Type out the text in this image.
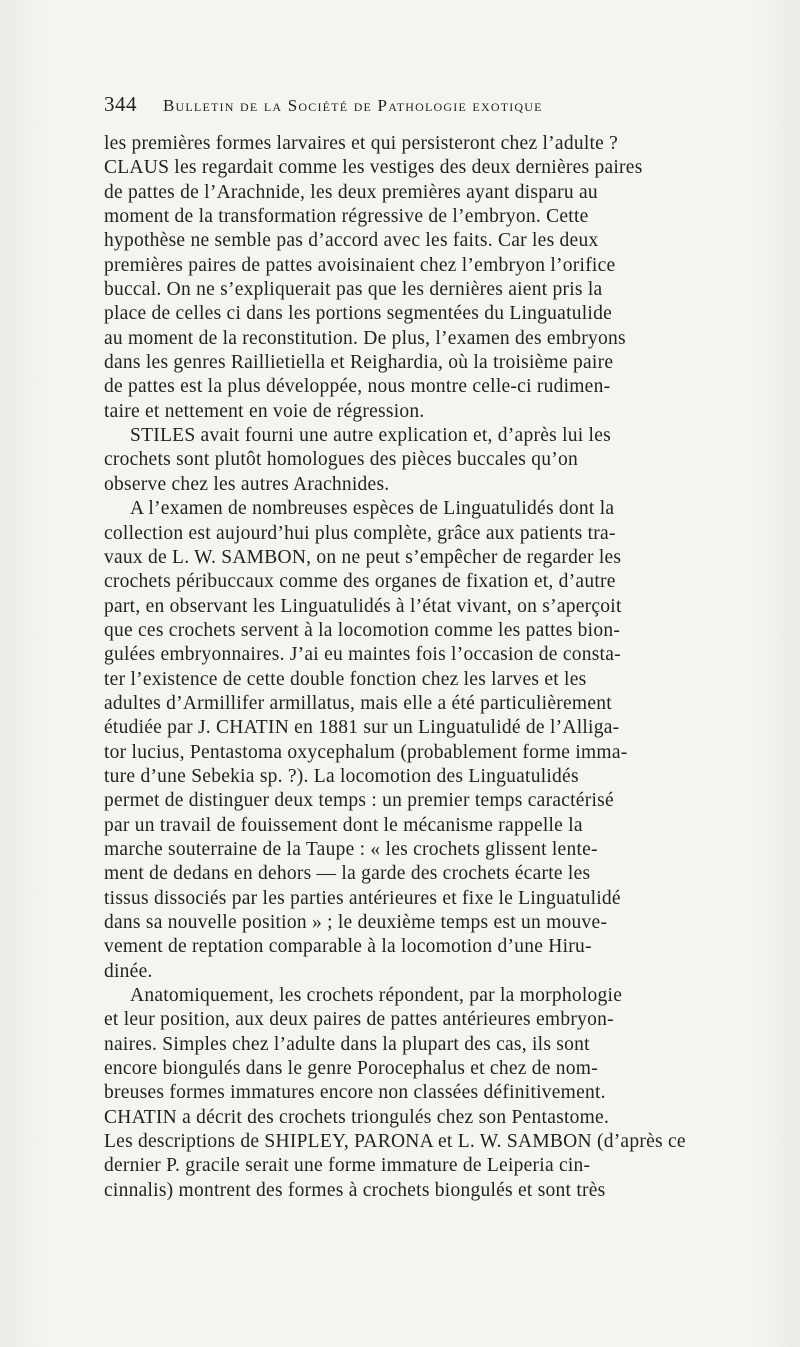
344 Bulletin de la Société de Pathologie exotique
les premières formes larvaires et qui persisteront chez l’adulte ?
CLAUS les regardait comme les vestiges des deux dernières paires
de pattes de l’Arachnide, les deux premières ayant disparu au
moment de la transformation régressive de l’embryon. Cette
hypothèse ne semble pas d’accord avec les faits. Car les deux
premières paires de pattes avoisinaient chez l’embryon l’orifice
buccal. On ne s’expliquerait pas que les dernières aient pris la
place de celles ci dans les portions segmentées du Linguatulide
au moment de la reconstitution. De plus, l’examen des embryons
dans les genres Raillietiella et Reighardia, où la troisième paire
de pattes est la plus développée, nous montre celle-ci rudimen-
taire et nettement en voie de régression.
STILES avait fourni une autre explication et, d’après lui les
crochets sont plutôt homologues des pièces buccales qu’on
observe chez les autres Arachnides.
A l’examen de nombreuses espèces de Linguatulidés dont la
collection est aujourd’hui plus complète, grâce aux patients tra-
vaux de L. W. SAMBON, on ne peut s’empêcher de regarder les
crochets péribuccaux comme des organes de fixation et, d’autre
part, en observant les Linguatulidés à l’état vivant, on s’aperçoit
que ces crochets servent à la locomotion comme les pattes bion-
gulées embryonnaires. J’ai eu maintes fois l’occasion de consta-
ter l’existence de cette double fonction chez les larves et les
adultes d’Armillifer armillatus, mais elle a été particulièrement
étudiée par J. CHATIN en 1881 sur un Linguatulidé de l’Alliga-
tor lucius, Pentastoma oxycephalum (probablement forme imma-
ture d’une Sebekia sp. ?). La locomotion des Linguatulidés
permet de distinguer deux temps : un premier temps caractérisé
par un travail de fouissement dont le mécanisme rappelle la
marche souterraine de la Taupe : « les crochets glissent lente-
ment de dedans en dehors — la garde des crochets écarte les
tissus dissociés par les parties antérieures et fixe le Linguatulidé
dans sa nouvelle position » ; le deuxième temps est un mouve-
vement de reptation comparable à la locomotion d’une Hiru-
dinée.
Anatomiquement, les crochets répondent, par la morphologie
et leur position, aux deux paires de pattes antérieures embryon-
naires. Simples chez l’adulte dans la plupart des cas, ils sont
encore biongulés dans le genre Porocephalus et chez de nom-
breuses formes immatures encore non classées définitivement.
CHATIN a décrit des crochets triongulés chez son Pentastome.
Les descriptions de SHIPLEY, PARONA et L. W. SAMBON (d’après ce
dernier P. gracile serait une forme immature de Leiperia cin-
cinnalis) montrent des formes à crochets biongulés et sont très
